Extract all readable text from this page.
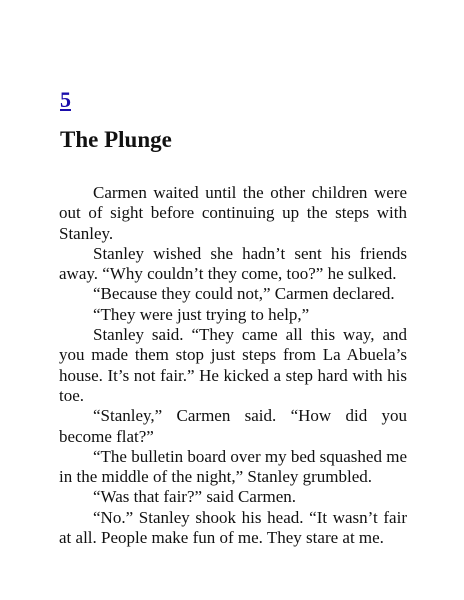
5
The Plunge

Carmen waited until the other children were out of sight before continuing up the steps with Stanley.

Stanley wished she hadn’t sent his friends away. “Why couldn’t they come, too?” he sulked.

“Because they could not,” Carmen declared.

“They were just trying to help,”

Stanley said. “They came all this way, and you made them stop just steps from La Abuela’s house. It’s not fair.” He kicked a step hard with his toe.

“Stanley,” Carmen said. “How did you become flat?”

“The bulletin board over my bed squashed me in the middle of the night,” Stanley grumbled.

“Was that fair?” said Carmen.

“No.” Stanley shook his head. “It wasn’t fair at all. People make fun of me. They stare at me.
